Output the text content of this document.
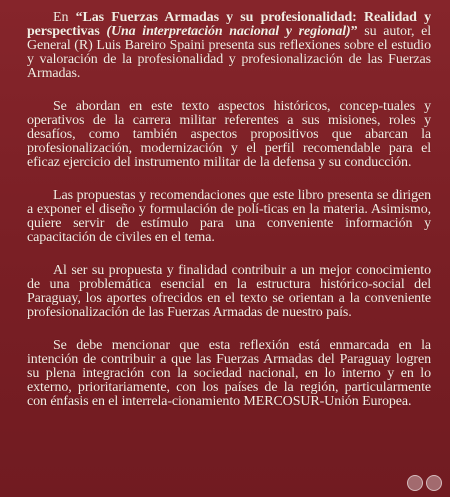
En “Las Fuerzas Armadas y su profesionalidad: Realidad y perspectivas (Una interpretación nacional y regional)” su autor, el General (R) Luis Bareiro Spaini presenta sus reflexiones sobre el estudio y valoración de la profesionalidad y profesionalización de las Fuerzas Armadas.

Se abordan en este texto aspectos históricos, concep-tuales y operativos de la carrera militar referentes a sus misiones, roles y desafíos, como también aspectos propositivos que abarcan la profesionalización, modernización y el perfil recomendable para el eficaz ejercicio del instrumento militar de la defensa y su conducción.

Las propuestas y recomendaciones que este libro presenta se dirigen a exponer el diseño y formulación de polí-ticas en la materia. Asimismo, quiere servir de estímulo para una conveniente información y capacitación de civiles en el tema.

Al ser su propuesta y finalidad contribuir a un mejor conocimiento de una problemática esencial en la estructura histórico-social del Paraguay, los aportes ofrecidos en el texto se orientan a la conveniente profesionalización de las Fuerzas Armadas de nuestro país.

Se debe mencionar que esta reflexión está enmarcada en la intención de contribuir a que las Fuerzas Armadas del Paraguay logren su plena integración con la sociedad nacional, en lo interno y en lo externo, prioritariamente, con los países de la región, particularmente con énfasis en el interrela-cionamiento MERCOSUR-Unión Europea.
